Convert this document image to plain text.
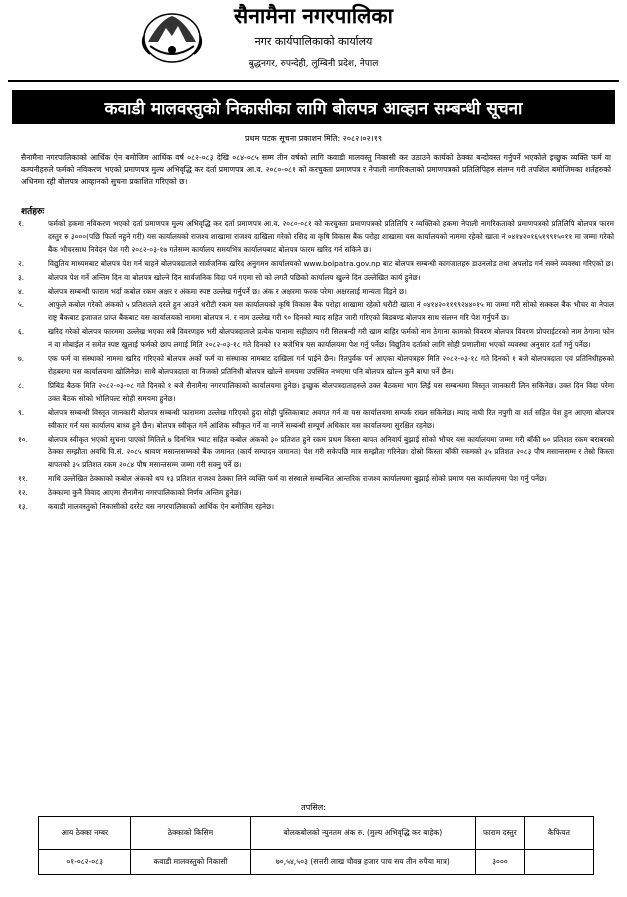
सैनामैना नगरपालिका
नगर कार्यपालिकाको कार्यालय
बुद्धनगर, रुपन्देही, लुम्बिनी प्रदेश, नेपाल
कवाडी मालवस्तुको निकासीका लागि बोलपत्र आव्हान सम्बन्धी सूचना
प्रथम पटक सूचना प्रकाशन मिति: २०८२।०२।१९
सैनामैना नगरपालिकाको आर्थिक ऐन बमोजिम आर्थिक वर्ष ०८२-०८३ देखि ०८४-०८५ सम्म तीन वर्षको लागि कवाडी मालवस्तु निकासी कर उठाउने कार्यको ठेक्का बन्दोवस्त गर्नुपर्ने भएकोले इच्छुक व्यक्ति फर्म वा कम्पनीहरुले फर्मको नविकरण भएको प्रमाणपत्र मुल्य अभिवृद्धि कर दर्ता प्रमाणपत्र आ.व. २०८०-०८१ को करचुक्ता प्रमाणपत्र र नेपाली नागरिकताको प्रमाणपत्रको प्रतिलिपिहरु संलग्न गरी तपशिल बमोजिमका शर्तहरुको अधिनमा रही बोलपत्र आव्हानको सुचना प्रकाशित गरिएको छ।
शर्तहरुः
१.	फर्मको हकमा नविकरण भएको दर्ता प्रमाणपत्र मुल्य अभिवृद्धि कर दर्ता प्रमाणपत्र आ.व. २०८०-०८१ को करचुक्ता प्रमाणपत्रको प्रतिलिपि र व्यक्तिको हकमा नेपाली नागरिकताको प्रमाणपत्रको प्रतिलिपि बोलपत्र फारम दस्तुर रु ३०००(पछि फिर्ता नहुने गरी) यस कार्यालयको राजश्व शाखामा राजश्व दाखिला गरेको रसिद वा कृषि विकास बैंक परोहा शाखामा यस कार्यालयको नाममा रहेको खाता नं ०४१४२०१६५१९९१५०११ मा जम्मा गरेको बैंक भौचरसाथ निवेदन पेश गरी २०८२-०३-१७ गतेसम्म कार्यालय समयभित्र कार्यालयबाट बोलपत्र फारम खरिद गर्न सकिने छ।
२.	विद्युतिय माध्यमबाट बोलपत्र पेश गर्न चाहने बोलपत्रदाताले सार्वजनिक खरिद अनुगमन कार्यालयको www.bolpatra.gov.np बाट बोलपत्र सम्बन्धी कागजातहरु डाउनलोड तथा अपलोड गर्न सक्ने व्यवस्था गरिएको छ।
३.	बोलपत्र पेश गर्ने अन्तिम दिन वा बोलपत्र खोल्ने दिन सार्वजनिक विदा पर्न गएमा सो को लगतै पछिको कार्यालय खुल्ने दिन उल्लेखित कार्य हुनेछ।
४.	बोलपत्र सम्बन्धी फाराम भर्दा कबोल रकम अक्षर र अंकमा स्पष्ट उल्लेख गर्नुपर्ने छ। अंक र अक्षरमा फरक परेमा अक्षरलाई मान्यता दिइने छ।
५.	आफुले कबोल गरेको अंकको ५ प्रतिशतले दरले हुन आउने धरौटी रकम यस कार्यालयको कृषि विकास बैंक परोहा शाखामा रहेको धरौटी खाता नं ०४१४२०११९९२४४०१५ मा जम्मा गरी सोको सक्कल बैंक भौचर वा नेपाल राष्ट्र बैंकबाट इजाजत प्राप्त बैंकबाट यस कार्यालयको नाममा बोलपत्र नं. र नाम उल्लेख गरी ९० दिनको म्याद सहित जारी गरिएको बिडबण्ड बोलपत्र साथ संलग्न गरि पेश गर्नुपर्ने छ।
६.	खरिद गरेको बोलपत्र फारममा उल्लेख भएका सबै विवरणहरु भरी बोलपत्रदाताले प्रत्येक पानामा सहीछाप गरी सिलबन्दी गरी खाम बाहिर फर्मको नाम ठेगाना कामको विवरण बोलपत्र विवरण प्रोपराईटरको नाम ठेगाना फोन नं वा मोबाईल नं समेत स्पष्ट खुलाई फर्मको छाप लगाई मिति २०८२-०३-१८ गते दिनको १२ बजेभित्र यस कार्यालयमा पेश गर्नु पर्नेछ। विद्युतिय दर्ताको लागि सोही प्रणालीमा भएको व्यवस्था अनुसार दर्ता गर्नु पर्नेछ।
७.	एक फर्म वा संस्थाको नाममा खरिद गरिएको बोलपत्र अर्को फर्म वा संस्थाका नामबाट दाखिला गर्न पाईने छैन। रितपुर्वक पर्न आएका बोलपत्रहरु मिति २०८२-०३-१८ गते दिनको १ बजे बोलपत्रदाता एवं प्रतिनिधीहरुको रोहबरमा यस कार्यालयमा खोलिनेछ। साथै बोलपत्रदाता वा निजको प्रतिनिधी बोलपत्र खोल्ने समयमा उपस्थित नभएमा पनि बोलपत्र खोल्न कुनै बाधा पर्ने छैन।
८.	प्रिबिड बैठक मिति २०८२-०३-०८ गते दिनको १ बजे सैनामैना नगरपालिकाको कार्यालयमा हुनेछ। इच्छुक बोलपत्रदाताहरुले उक्त बैठकमा भाग लिई यस सम्बन्धमा विस्तृत जानकारी लिन सकिनेछ। उक्त दिन विदा परेमा उक्त बैठक सोको भोलिपल्ट सोही समयमा हुनेछ।
९.	बोलपत्र सम्बन्धी विस्तृत जानकारी बोलपत्र सम्बन्धी फाराममा उल्लेख गरिएको हुदा सोही पुस्तिकाबाट अवगत गर्न वा यस कार्यालयमा सम्पर्क राख्न सकिनेछ। म्याद नाघी रित नपुगी वा शर्त सहित पेश हुन आएमा बोलपत्र स्वीकार गर्न यस कार्यालय बाध्य हुने छैन। बोलपत्र स्वीकृत गर्ने आंशिक स्वीकृत गर्ने वा नगर्ने सम्बन्धी सम्पूर्ण अधिकार यस कार्यालयमा सुरक्षित रहनेछ।
१०.	बोलपत्र स्वीकृत भएको सुचना पाएको मितिले ७ दिनभित्र भ्याट सहित कबोल अंकको ३० प्रतिशत हुने रकम प्रथम किस्ता बापत अनिवार्य बुझाई सोको भौचर यस कार्यालयमा जम्मा गरी बाँकी ७० प्रतिशत रकम बराबरको ठेक्का सम्झौता अवधि वि.सं. २०८५ श्रावण मसान्तसम्मको बैंक जमानत (कार्य सम्पादन जमानत) पेश गरी सकेपछि मात्र सम्झौता गरिनेछ। दोस्रो किस्ता बाँकी रकमको ३५ प्रतिशत २०८३ पौष मसान्तसम्म र तेस्रो किस्ता बापतको ३५ प्रतिशत रकम २०८४ पौष मसान्तसम्म जम्मा गरी सक्नु पर्ने छ।
११.	माथि उल्लेखित ठेक्काको कबोल अंकको थप १३ प्रतिशत राजश्व ठेक्का लिने व्यक्ति फर्म वा संस्थाले सम्बन्धित आन्तरिक राजश्व कार्यालयमा बुझाई सोको प्रमाण यस कार्यालयमा पेश गर्नु पर्नेछ।
१२.	ठेक्कामा कुनै विवाद आएमा सैनामैना नगरपालिकाको निर्णय अन्तिम हुनेछ।
१३.	कवाडी मालवस्तुको निकासीको दररेट यस नगरपालिकाको आर्थिक ऐन बमोजिम रहनेछ।
तपसिल:
आय ठेक्का नम्बर	ठेक्काको किसिम	बोलकबोलको न्युनतम अंक रु. (मुल्य अभिवृद्धि कर बाहेक)	फाराम दस्तुर	कैफियत
०१-०८२-०८३	कवाडी मालवस्तुको निकासी	७०,५४,५०३ (सत्तरी लाख चौवन्न हजार पाच सय तीन रुपैया मात्र)	३०००	
